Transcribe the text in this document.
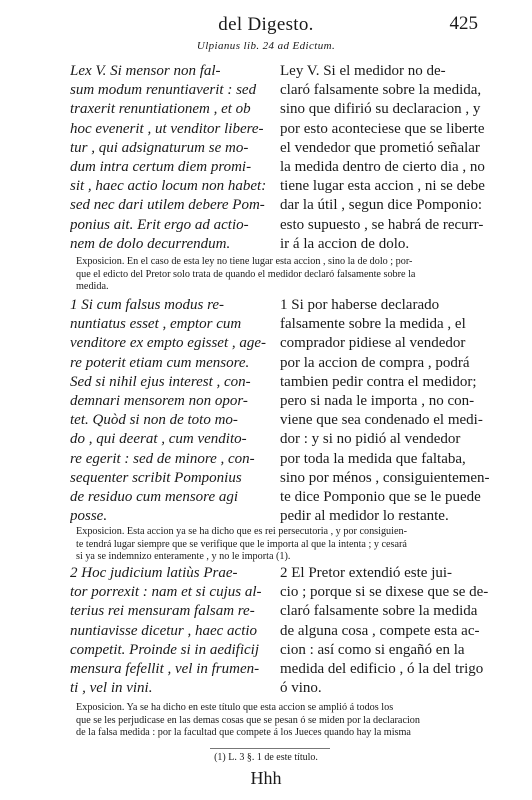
del Digesto.	425
Ulpianus lib. 24 ad Edictum.
Lex V. Si mensor non fal-
sum modum renuntiaverit : sed
traxerit renuntiationem , et ob
hoc evenerit , ut venditor libere-
tur , qui adsignaturum se mo-
dum intra certum diem promi-
sit , haec actio locum non habet:
sed nec dari utilem debere Pom-
ponius ait. Erit ergo ad actio-
nem de dolo decurrendum.
Ley V. Si el medidor no de-
claró falsamente sobre la medida,
sino que difirió su declaracion , y
por esto aconteciese que se liberte
el vendedor que prometió señalar
la medida dentro de cierto dia , no
tiene lugar esta accion , ni se debe
dar la útil , segun dice Pomponio:
esto supuesto , se habrá de recurr-
ir á la accion de dolo.
Exposicion. En el caso de esta ley no tiene lugar esta accion , sino la de dolo ; por-
que el edicto del Pretor solo trata de quando el medidor declaró falsamente sobre la
medida.
1 Si cum falsus modus re-
nuntiatus esset , emptor cum
venditore ex empto egisset , age-
re poterit etiam cum mensore.
Sed si nihil ejus interest , con-
demnari mensorem non opor-
tet. Quòd si non de toto mo-
do , qui deerat , cum vendito-
re egerit : sed de minore , con-
sequenter scribit Pomponius
de residuo cum mensore agi
posse.
1 Si por haberse declarado
falsamente sobre la medida , el
comprador pidiese al vendedor
por la accion de compra , podrá
tambien pedir contra el medidor;
pero si nada le importa , no con-
viene que sea condenado el medi-
dor : y si no pidió al vendedor
por toda la medida que faltaba,
sino por ménos , consiguientemen-
te dice Pomponio que se le puede
pedir al medidor lo restante.
Exposicion. Esta accion ya se ha dicho que es rei persecutoria , y por consiguien-
te tendrá lugar siempre que se verifique que le importa al que la intenta ; y cesará
si ya se indemnizo enteramente , y no le importa (1).
2 Hoc judicium latiùs Prae-
tor porrexit : nam et si cujus al-
terius rei mensuram falsam re-
nuntiavisse dicetur , haec actio
competit. Proinde si in aedificij
mensura fefellit , vel in frumen-
ti , vel in vini.
2 El Pretor extendió este jui-
cio ; porque si se dixese que se de-
claró falsamente sobre la medida
de alguna cosa , compete esta ac-
cion : así como si engañó en la
medida del edificio , ó la del trigo
ó vino.
Exposicion. Ya se ha dicho en este título que esta accion se amplió á todos los
que se les perjudicase en las demas cosas que se pesan ó se miden por la declaracion
de la falsa medida : por la facultad que compete á los Jueces quando hay la misma
(1) L. 3 §. 1 de este título.
Hhh
